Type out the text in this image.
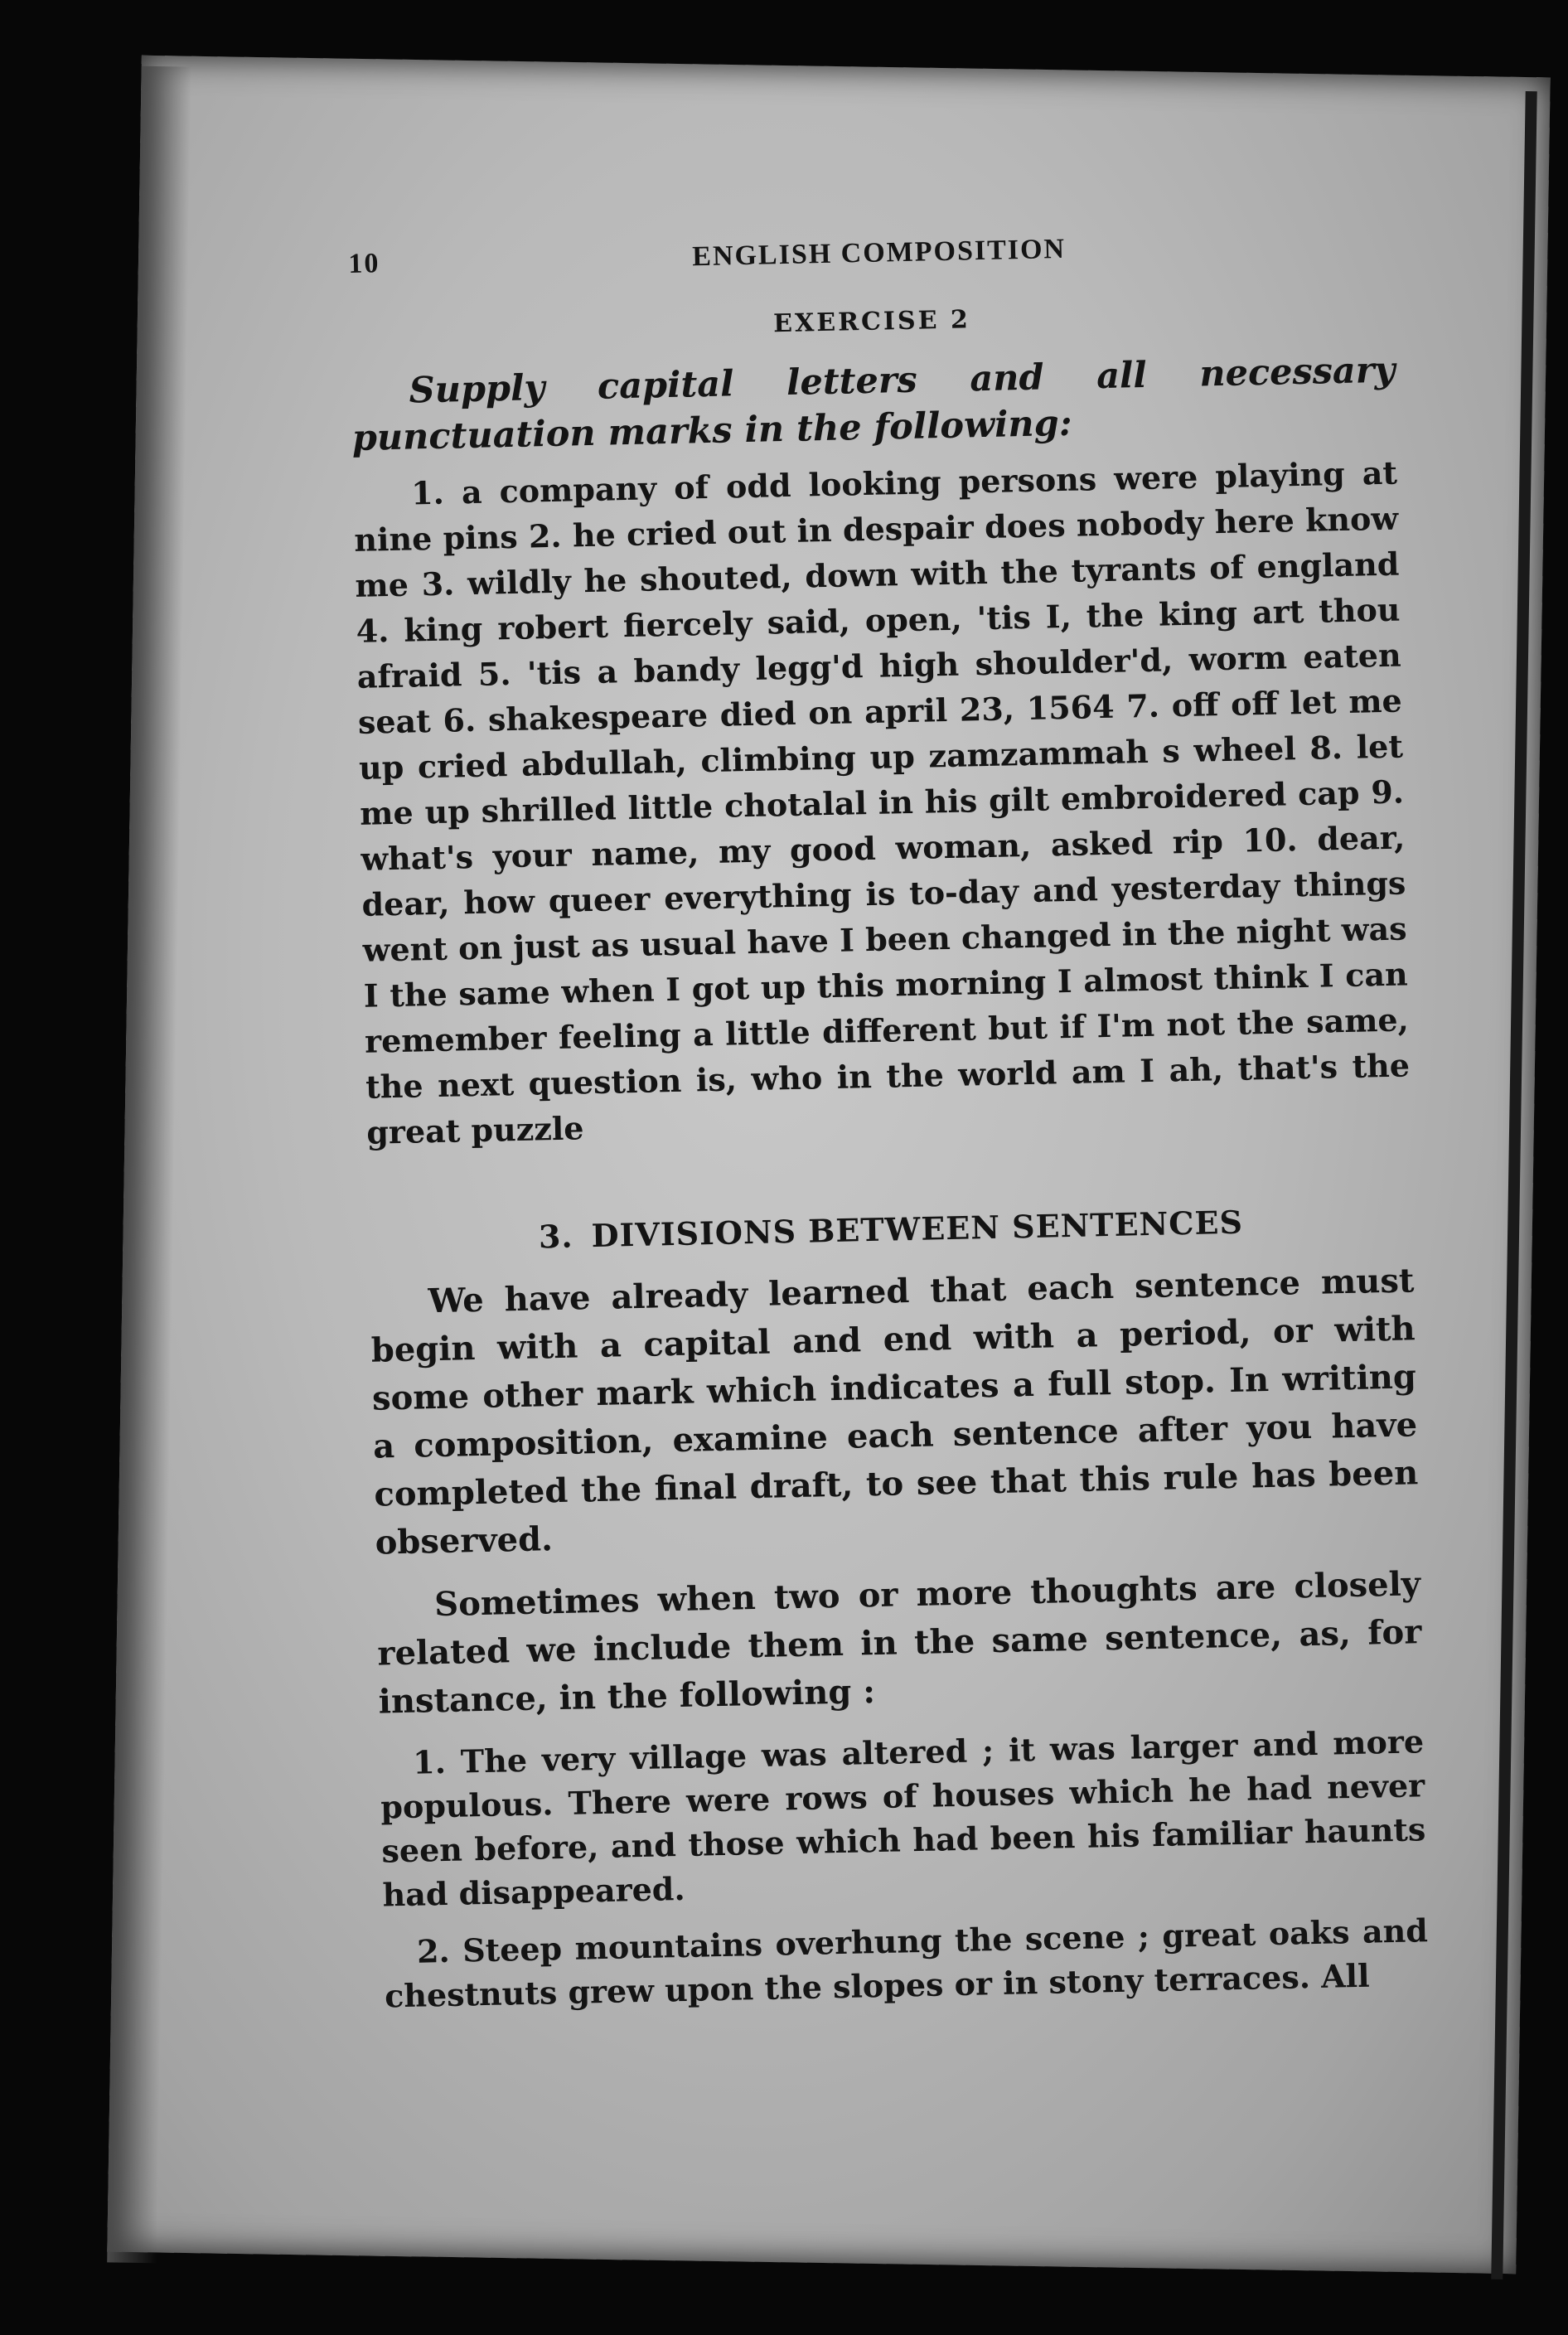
10	ENGLISH COMPOSITION
EXERCISE 2

Supply capital letters and all necessary punctuation marks in the following:

1. a company of odd looking persons were playing at nine pins 2. he cried out in despair does nobody here know me 3. wildly he shouted, down with the tyrants of england 4. king robert fiercely said, open, 'tis I, the king art thou afraid 5. 'tis a bandy legg'd high shoulder'd, worm eaten seat 6. shakespeare died on april 23, 1564 7. off off let me up cried abdullah, climbing up zamzammah s wheel 8. let me up shrilled little chotalal in his gilt embroidered cap 9. what's your name, my good woman, asked rip 10. dear, dear, how queer everything is to-day and yesterday things went on just as usual have I been changed in the night was I the same when I got up this morning I almost think I can remember feeling a little different but if I'm not the same, the next question is, who in the world am I ah, that's the great puzzle

3. DIVISIONS BETWEEN SENTENCES

We have already learned that each sentence must begin with a capital and end with a period, or with some other mark which indicates a full stop. In writing a composition, examine each sentence after you have completed the final draft, to see that this rule has been observed.

Sometimes when two or more thoughts are closely related we include them in the same sentence, as, for instance, in the following :

1. The very village was altered ; it was larger and more populous. There were rows of houses which he had never seen before, and those which had been his familiar haunts had disappeared.

2. Steep mountains overhung the scene ; great oaks and chestnuts grew upon the slopes or in stony terraces. All
